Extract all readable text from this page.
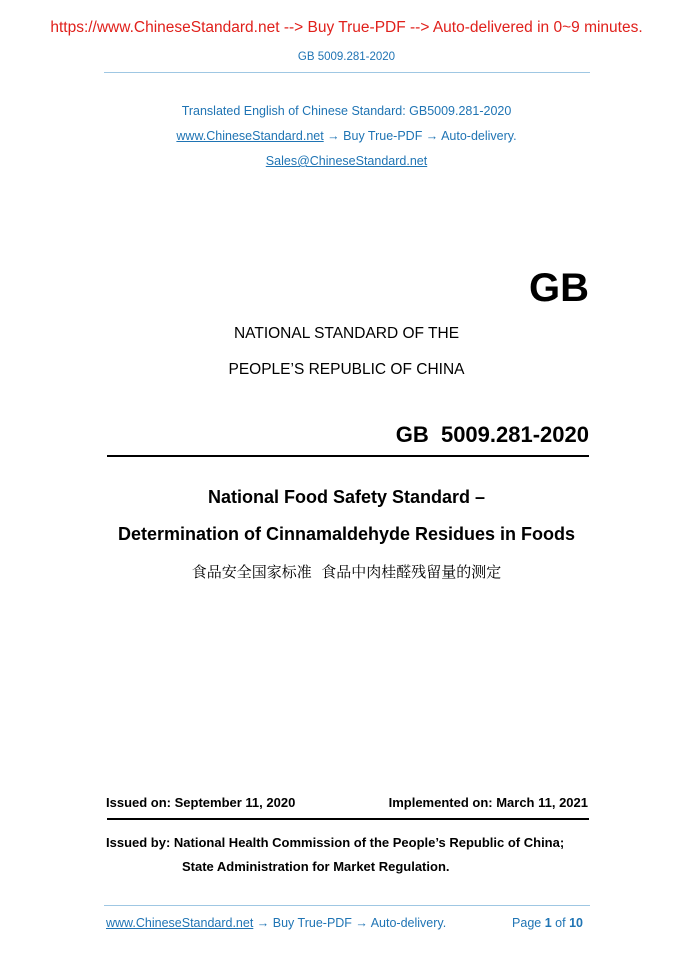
https://www.ChineseStandard.net --> Buy True-PDF --> Auto-delivered in 0~9 minutes.
GB 5009.281-2020
Translated English of Chinese Standard: GB5009.281-2020
www.ChineseStandard.net → Buy True-PDF → Auto-delivery.
Sales@ChineseStandard.net
GB
NATIONAL STANDARD OF THE
PEOPLE’S REPUBLIC OF CHINA
GB  5009.281-2020
National Food Safety Standard –
Determination of Cinnamaldehyde Residues in Foods
食品安全国家标准  食品中肉桂醛残留量的测定
Issued on: September 11, 2020	Implemented on: March 11, 2021
Issued by: National Health Commission of the People’s Republic of China;
State Administration for Market Regulation.
www.ChineseStandard.net → Buy True-PDF → Auto-delivery.	Page 1 of 10
